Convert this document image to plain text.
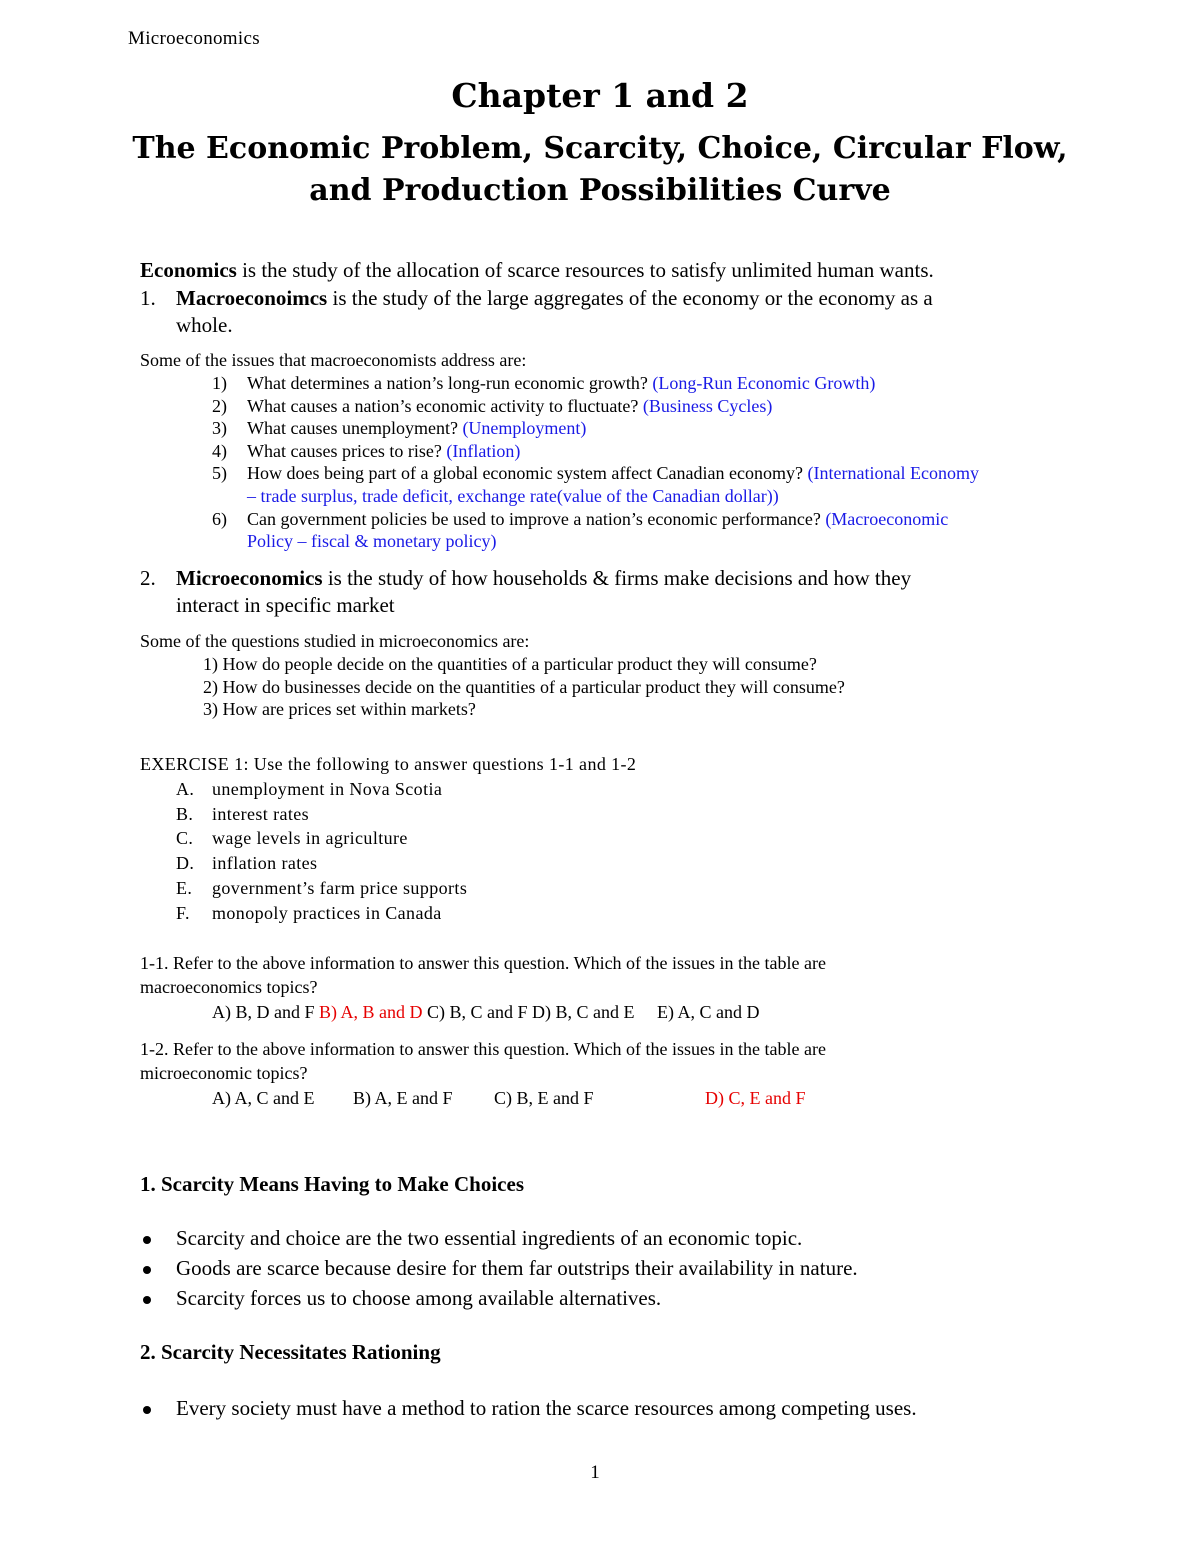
Microeconomics
Chapter 1 and 2
The Economic Problem, Scarcity, Choice, Circular Flow,
and Production Possibilities Curve
Economics is the study of the allocation of scarce resources to satisfy unlimited human wants.
1. Macroeconoimcs is the study of the large aggregates of the economy or the economy as a
whole.
Some of the issues that macroeconomists address are:
1) What determines a nation’s long-run economic growth? (Long-Run Economic Growth)
2) What causes a nation’s economic activity to fluctuate? (Business Cycles)
3) What causes unemployment? (Unemployment)
4) What causes prices to rise? (Inflation)
5) How does being part of a global economic system affect Canadian economy? (International Economy
– trade surplus, trade deficit, exchange rate(value of the Canadian dollar))
6) Can government policies be used to improve a nation’s economic performance? (Macroeconomic
Policy – fiscal & monetary policy)
2. Microeconomics is the study of how households & firms make decisions and how they
interact in specific market
Some of the questions studied in microeconomics are:
1) How do people decide on the quantities of a particular product they will consume?
2) How do businesses decide on the quantities of a particular product they will consume?
3) How are prices set within markets?
EXERCISE 1: Use the following to answer questions 1-1 and 1-2
A. unemployment in Nova Scotia
B. interest rates
C. wage levels in agriculture
D. inflation rates
E. government’s farm price supports
F. monopoly practices in Canada
1-1. Refer to the above information to answer this question. Which of the issues in the table are
macroeconomics topics?
A) B, D and F B) A, B and D C) B, C and F D) B, C and E E) A, C and D
1-2. Refer to the above information to answer this question. Which of the issues in the table are
microeconomic topics?
A) A, C and E B) A, E and F C) B, E and F	D) C, E and F
1. Scarcity Means Having to Make Choices
Scarcity and choice are the two essential ingredients of an economic topic.
Goods are scarce because desire for them far outstrips their availability in nature.
Scarcity forces us to choose among available alternatives.
2. Scarcity Necessitates Rationing
Every society must have a method to ration the scarce resources among competing uses.
1
